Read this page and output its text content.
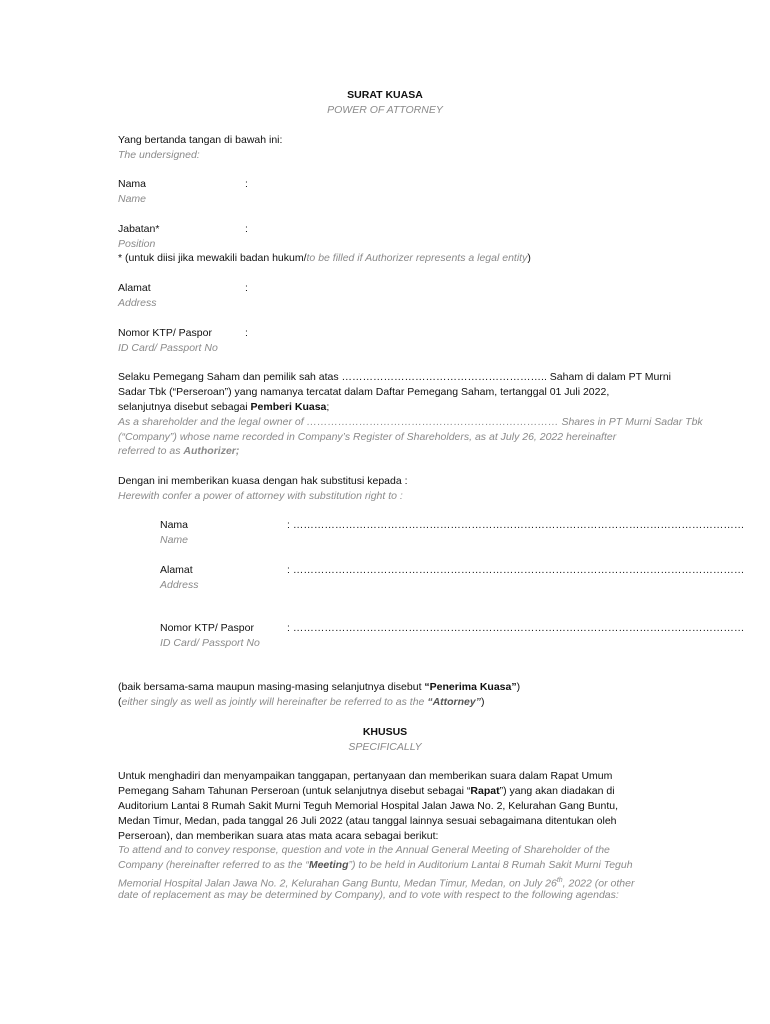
SURAT KUASA
POWER OF ATTORNEY
Yang bertanda tangan di bawah ini:
The undersigned:
Nama	:
Name
Jabatan*	:
Position
* (untuk diisi jika mewakili badan hukum/to be filled if Authorizer represents a legal entity)
Alamat	:
Address
Nomor KTP/ Paspor	:
ID Card/ Passport No
Selaku Pemegang Saham dan pemilik sah atas ………………………………………………….. Saham di dalam PT Murni
Sadar Tbk (“Perseroan”) yang namanya tercatat dalam Daftar Pemegang Saham, tertanggal 01 Juli 2022,
selanjutnya disebut sebagai Pemberi Kuasa;
As a shareholder and the legal owner of ……………………………………………………………… Shares in PT Murni Sadar Tbk
(“Company”) whose name recorded in Company’s Register of Shareholders, as at July 26, 2022 hereinafter
referred to as Authorizer;
Dengan ini memberikan kuasa dengan hak substitusi kepada :
Herewith confer a power of attorney with substitution right to :
Nama	: …………………………………………………………………………………………………………………
Name
Alamat	: …………………………………………………………………………………………………………………
Address
Nomor KTP/ Paspor	: …………………………………………………………………………………………………………………
ID Card/ Passport No
(baik bersama-sama maupun masing-masing selanjutnya disebut “Penerima Kuasa”)
(either singly as well as jointly will hereinafter be referred to as the “Attorney”)
KHUSUS
SPECIFICALLY
Untuk menghadiri dan menyampaikan tanggapan, pertanyaan dan memberikan suara dalam Rapat Umum
Pemegang Saham Tahunan Perseroan (untuk selanjutnya disebut sebagai “Rapat”) yang akan diadakan di
Auditorium Lantai 8 Rumah Sakit Murni Teguh Memorial Hospital Jalan Jawa No. 2, Kelurahan Gang Buntu,
Medan Timur, Medan, pada tanggal 26 Juli 2022 (atau tanggal lainnya sesuai sebagaimana ditentukan oleh
Perseroan), dan memberikan suara atas mata acara sebagai berikut:
To attend and to convey response, question and vote in the Annual General Meeting of Shareholder of the
Company (hereinafter referred to as the “Meeting”) to be held in Auditorium Lantai 8 Rumah Sakit Murni Teguh
Memorial Hospital Jalan Jawa No. 2, Kelurahan Gang Buntu, Medan Timur, Medan, on July 26th, 2022 (or other
date of replacement as may be determined by Company), and to vote with respect to the following agendas:
